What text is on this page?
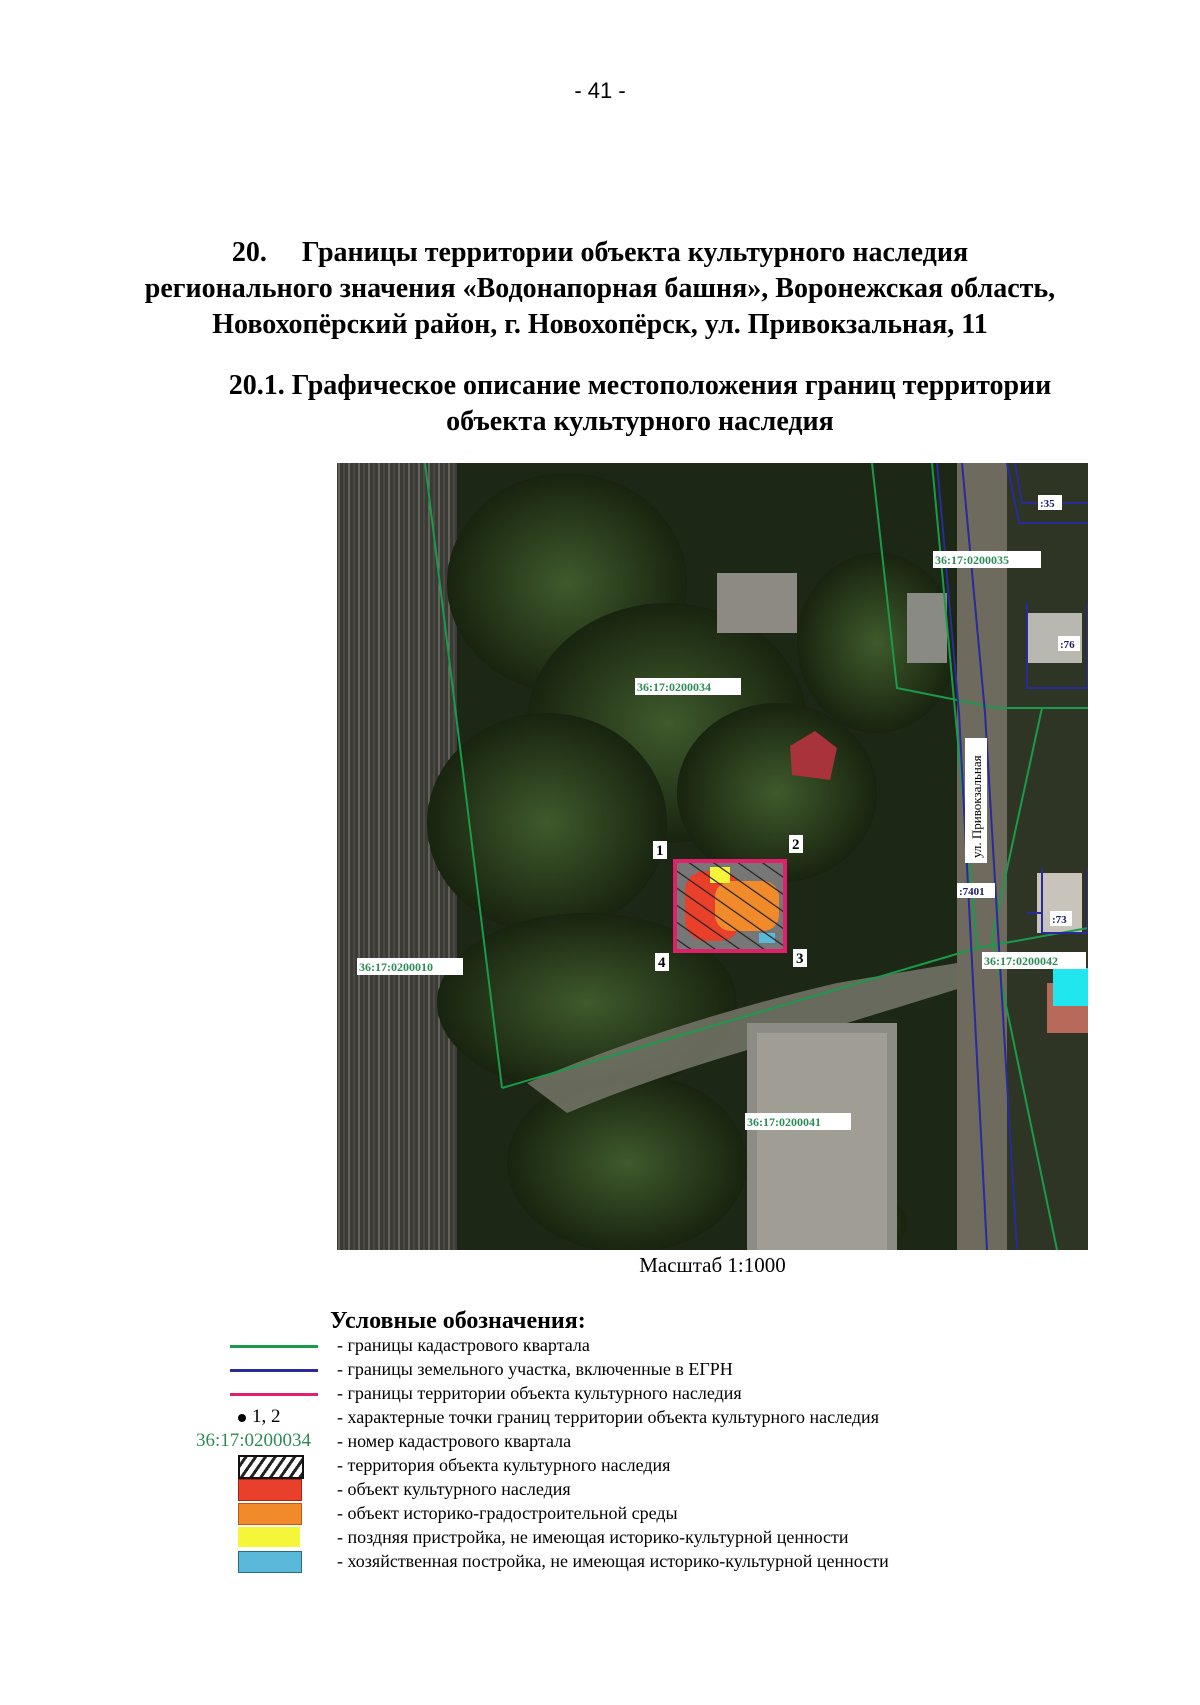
- 41 -
20.     Границы территории объекта культурного наследия
регионального значения «Водонапорная башня», Воронежская область,
Новохопёрский район, г. Новохопёрск, ул. Привокзальная, 11
20.1. Графическое описание местоположения границ территории
объекта культурного наследия
1	2
3
4
36:17:0200035
36:17:0200034
36:17:0200010	36:17:0200042
36:17:0200041
:35
:76
:7401
:73
ул. Привокзальная
Масштаб 1:1000
Условные обозначения:
- границы кадастрового квартала
- границы земельного участка, включенные в ЕГРН
- границы территории объекта культурного наследия
1, 2	- характерные точки границ территории объекта культурного наследия
36:17:0200034 - номер кадастрового квартала
- территория объекта культурного наследия
- объект культурного наследия
- объект историко-градостроительной среды
- поздняя пристройка, не имеющая историко-культурной ценности
- хозяйственная постройка, не имеющая историко-культурной ценности
